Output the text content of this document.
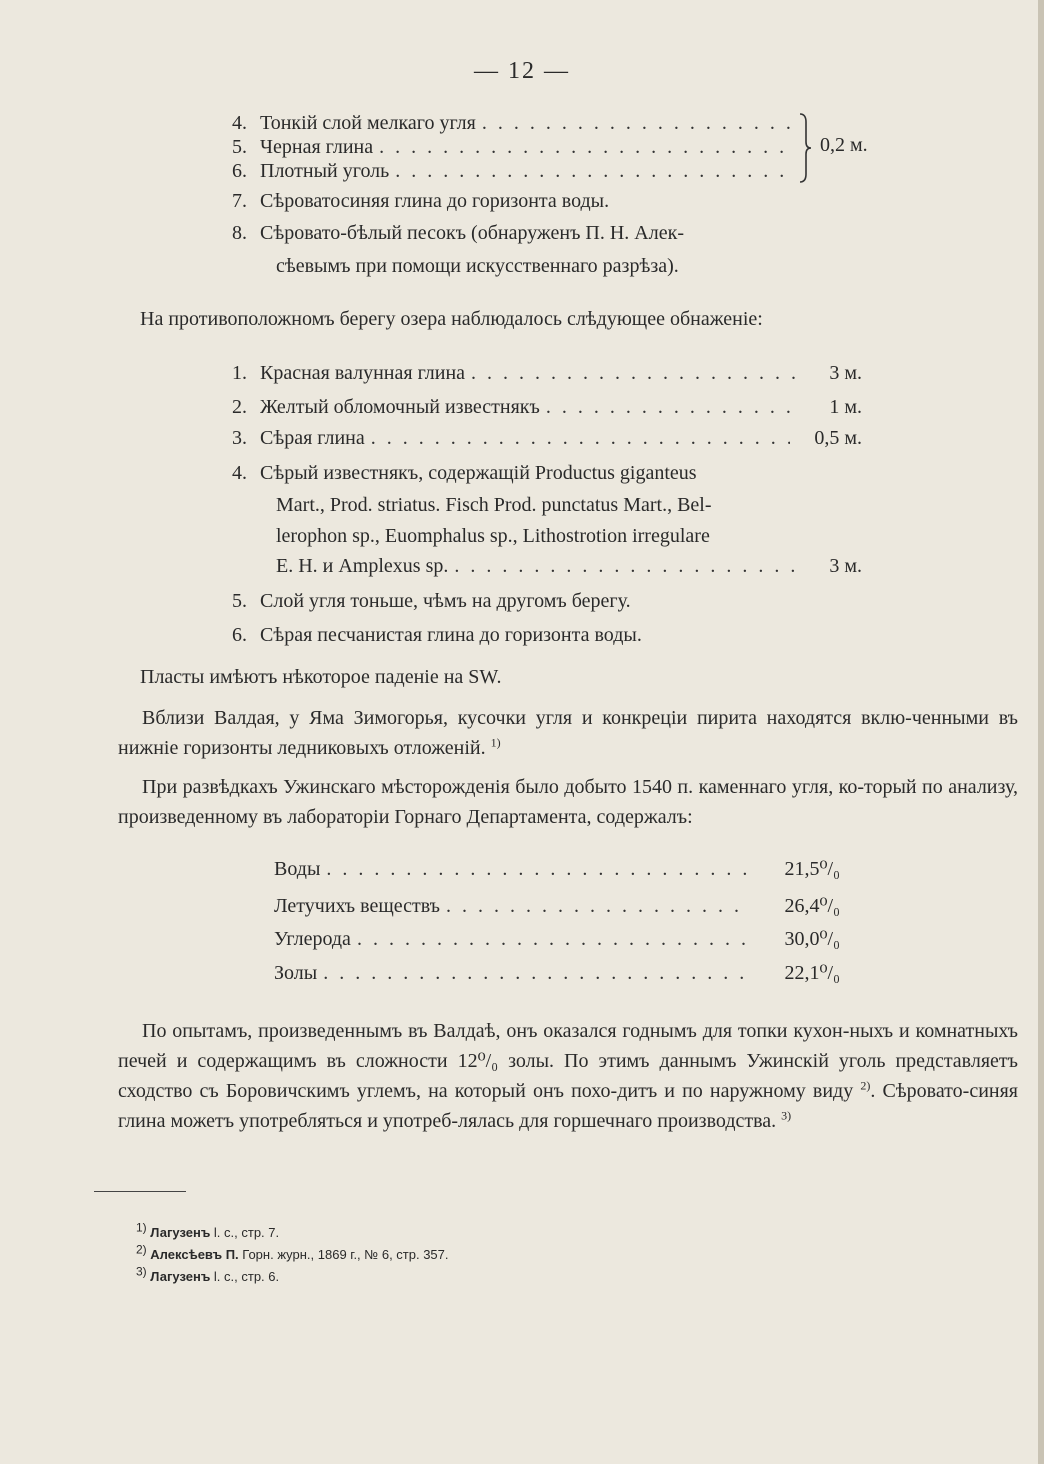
— 12 —
4. Тонкій слой мелкаго угля
. . .
5. Черная глина
. . .
6. Плотный уголь
. . .
0,2 м.
7. Сѣроватосиняя глина до горизонта воды.
8. Сѣровато-бѣлый песокъ (обнаруженъ П. Н. Алек-
сѣевымъ при помощи искусственнаго разрѣза).
На противоположномъ берегу озера наблюдалось слѣдующее обнаженіе:
1. Красная валунная глина . . .	3 м.
2. Желтый обломочный известнякъ . . .	1 м.
3. Сѣрая глина . . .	0,5 м.
4. Сѣрый известнякъ, содержащій Productus giganteus
Mart., Prod. striatus. Fisch Prod. punctatus Mart., Bel-
lerophon sp., Euomphalus sp., Lithostrotion irregulare
E. H. и Amplexus sp. . . .	3 м.
5. Слой угля тоньше, чѣмъ на другомъ берегу.
6. Сѣрая песчанистая глина до горизонта воды.
Пласты имѣютъ нѣкоторое паденіе на SW.
Вблизи Валдая, у Яма Зимогорья, кусочки угля и конкреціи пирита находятся вклю-ченными въ нижніе горизонты ледниковыхъ отложеній. $^{1)}$
При развѣдкахъ Ужинскаго мѣсторожденія было добыто 1540 п. каменнаго угля, ко-торый по анализу, произведенному въ лабораторіи Горнаго Департамента, содержалъ:
Воды . . .	21,5⁰/₀
Летучихъ веществъ . . .	26,4⁰/₀
Углерода . . .	30,0⁰/₀
Золы . . .	22,1⁰/₀
По опытамъ, произведеннымъ въ Валдаѣ, онъ оказался годнымъ для топки кухон-ныхъ и комнатныхъ печей и содержащимъ въ сложности 12⁰/₀ золы. По этимъ даннымъ Ужинскій уголь представляетъ сходство съ Боровичскимъ углемъ, на который онъ похо-дитъ и по наружному виду $^{2)}$. Сѣровато-синяя глина можетъ употребляться и употреб-лялась для горшечнаго производства. $^{3)}$
$^{1)}$ Лагузенъ l. c., стр. 7.
$^{2)}$ Алексѣевъ П. Горн. журн., 1869 г., № 6, стр. 357.
$^{3)}$ Лагузенъ l. c., стр. 6.
